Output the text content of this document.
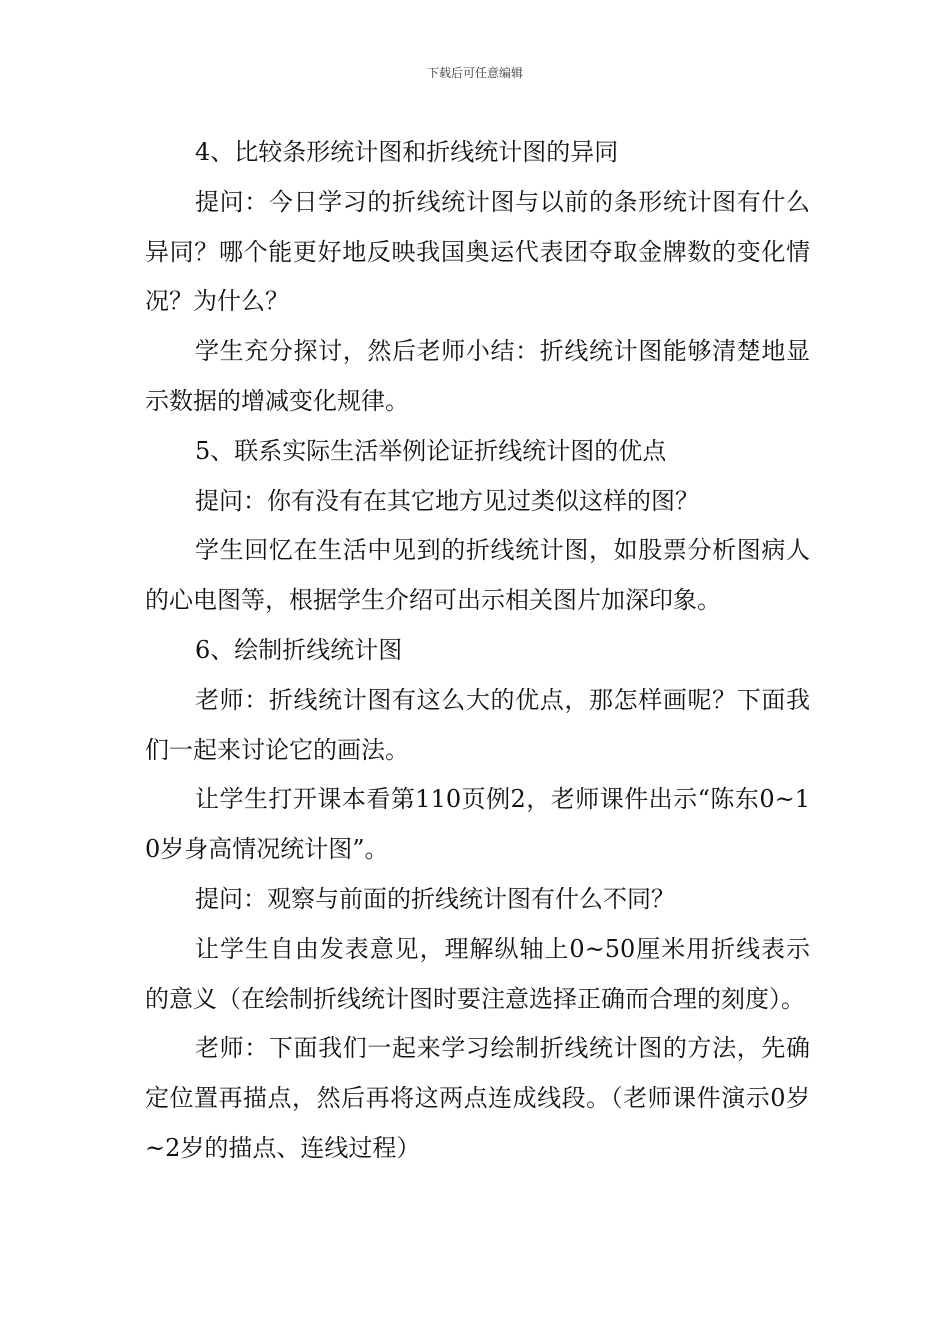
下载后可任意编辑

4、比较条形统计图和折线统计图的异同

提问：今日学习的折线统计图与以前的条形统计图有什么异同？哪个能更好地反映我国奥运代表团夺取金牌数的变化情况？为什么？

学生充分探讨，然后老师小结：折线统计图能够清楚地显示数据的增减变化规律。

5、联系实际生活举例论证折线统计图的优点

提问：你有没有在其它地方见过类似这样的图？

学生回忆在生活中见到的折线统计图，如股票分析图病人的心电图等，根据学生介绍可出示相关图片加深印象。

6、绘制折线统计图

老师：折线统计图有这么大的优点，那怎样画呢？下面我们一起来讨论它的画法。

让学生打开课本看第110页例2，老师课件出示“陈东0~10岁身高情况统计图”。

提问：观察与前面的折线统计图有什么不同？

让学生自由发表意见，理解纵轴上0~50厘米用折线表示的意义（在绘制折线统计图时要注意选择正确而合理的刻度）。

老师：下面我们一起来学习绘制折线统计图的方法，先确定位置再描点，然后再将这两点连成线段。（老师课件演示0岁~2岁的描点、连线过程）
